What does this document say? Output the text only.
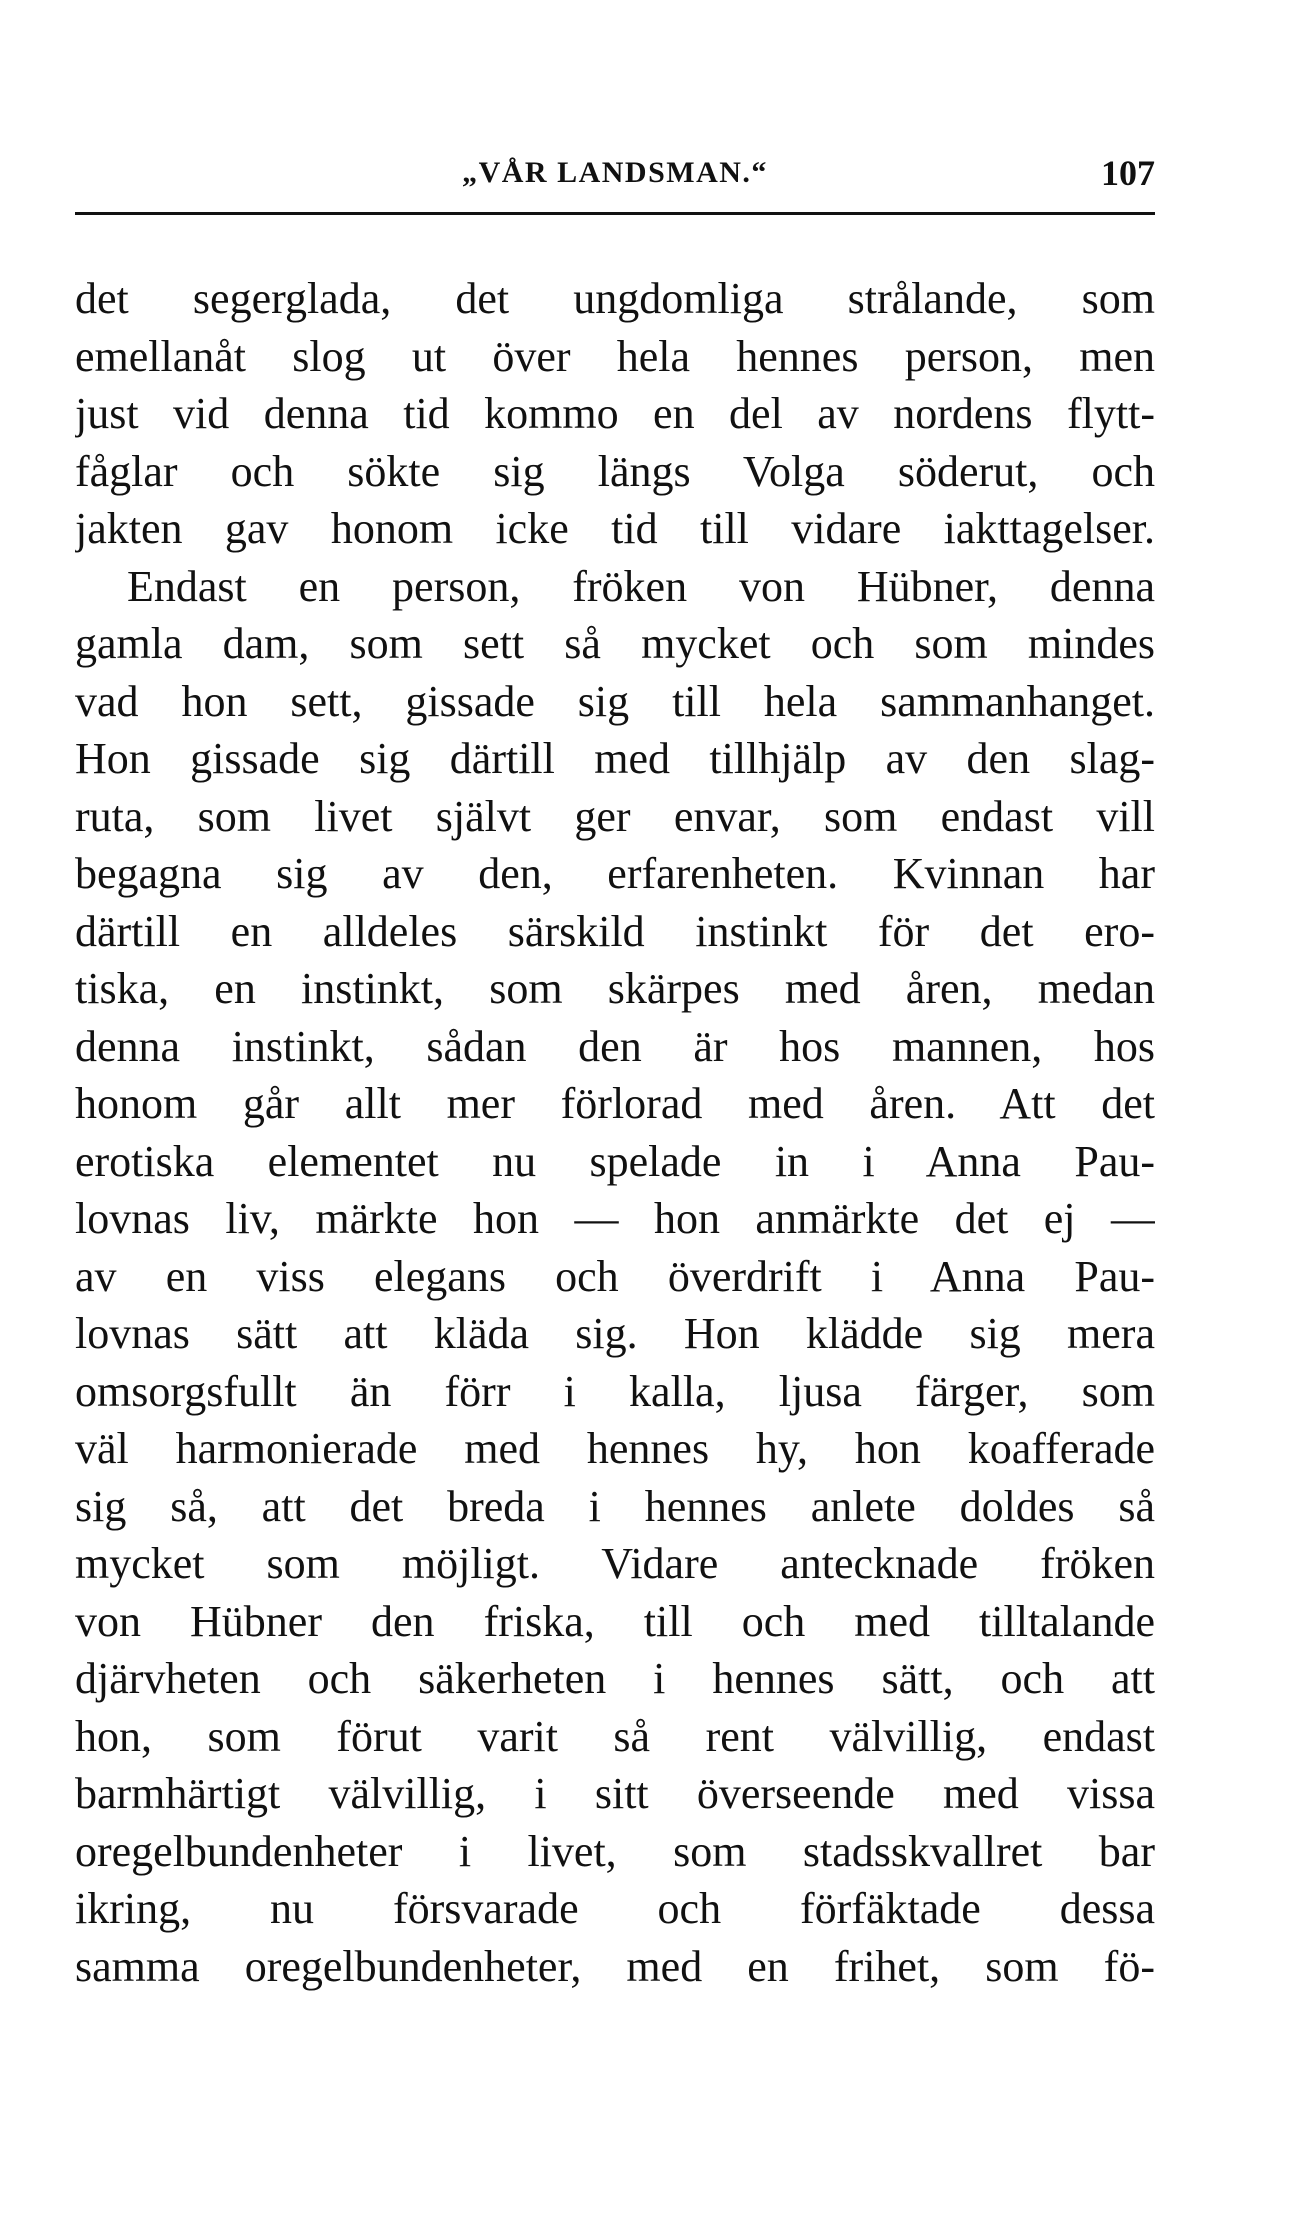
„VÅR LANDSMAN.“	107
det segerglada, det ungdomliga strålande, som
emellanåt slog ut över hela hennes person, men
just vid denna tid kommo en del av nordens flytt-
fåglar och sökte sig längs Volga söderut, och
jakten gav honom icke tid till vidare iakttagelser.
Endast en person, fröken von Hübner, denna
gamla dam, som sett så mycket och som mindes
vad hon sett, gissade sig till hela sammanhanget.
Hon gissade sig därtill med tillhjälp av den slag-
ruta, som livet självt ger envar, som endast vill
begagna sig av den, erfarenheten. Kvinnan har
därtill en alldeles särskild instinkt för det ero-
tiska, en instinkt, som skärpes med åren, medan
denna instinkt, sådan den är hos mannen, hos
honom går allt mer förlorad med åren. Att det
erotiska elementet nu spelade in i Anna Pau-
lovnas liv, märkte hon — hon anmärkte det ej —
av en viss elegans och överdrift i Anna Pau-
lovnas sätt att kläda sig. Hon klädde sig mera
omsorgsfullt än förr i kalla, ljusa färger, som
väl harmonierade med hennes hy, hon koafferade
sig så, att det breda i hennes anlete doldes så
mycket som möjligt. Vidare antecknade fröken
von Hübner den friska, till och med tilltalande
djärvheten och säkerheten i hennes sätt, och att
hon, som förut varit så rent välvillig, endast
barmhärtigt välvillig, i sitt överseende med vissa
oregelbundenheter i livet, som stadsskvallret bar
ikring, nu försvarade och förfäktade dessa
samma oregelbundenheter, med en frihet, som fö-
